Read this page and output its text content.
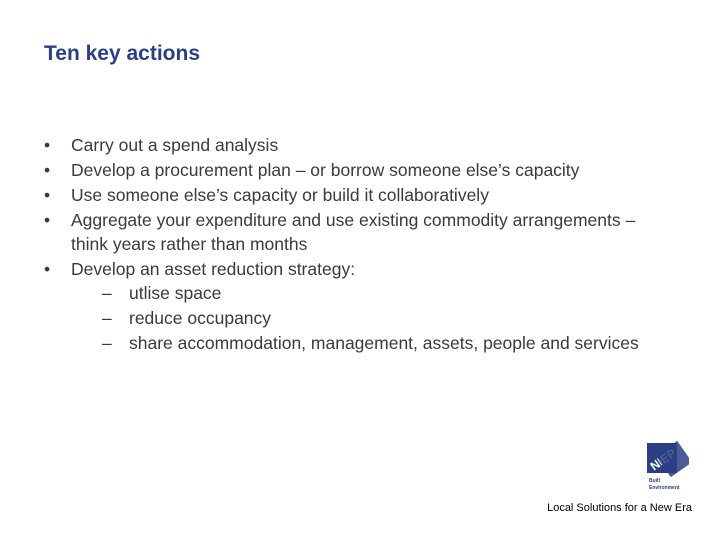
Ten key actions
• Carry out a spend analysis
• Develop a procurement plan – or borrow someone else’s capacity
• Use someone else’s capacity or build it collaboratively
• Aggregate your expenditure and use existing commodity arrangements – think years rather than months
• Develop an asset reduction strategy:
– utlise space
– reduce occupancy
– share accommodation, management, assets, people and services
Built
Environment
Local Solutions for a New Era
